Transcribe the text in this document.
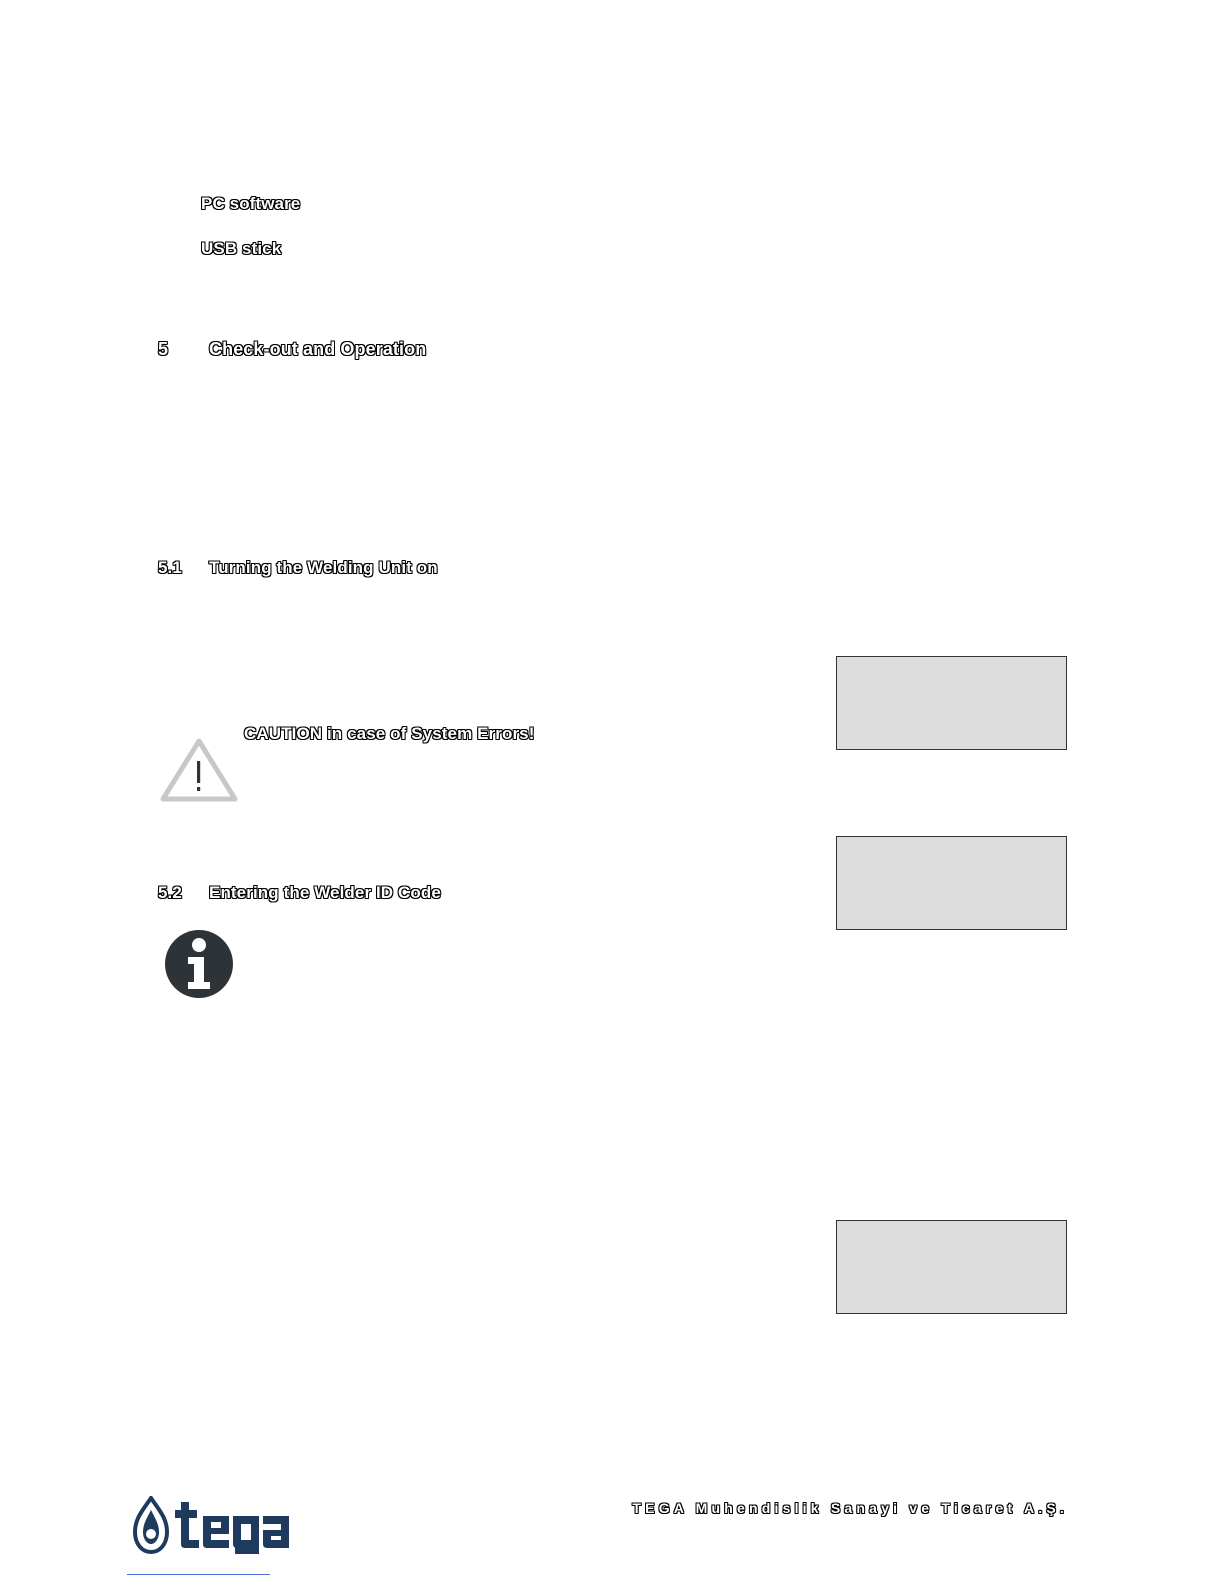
PC software
USB stick
5 Check-out and Operation
5.1 Turning the Welding Unit on
CAUTION in case of System Errors!
5.2 Entering the Welder ID Code
TEGA Muhendislik Sanayi ve Ticaret A.Ş.
